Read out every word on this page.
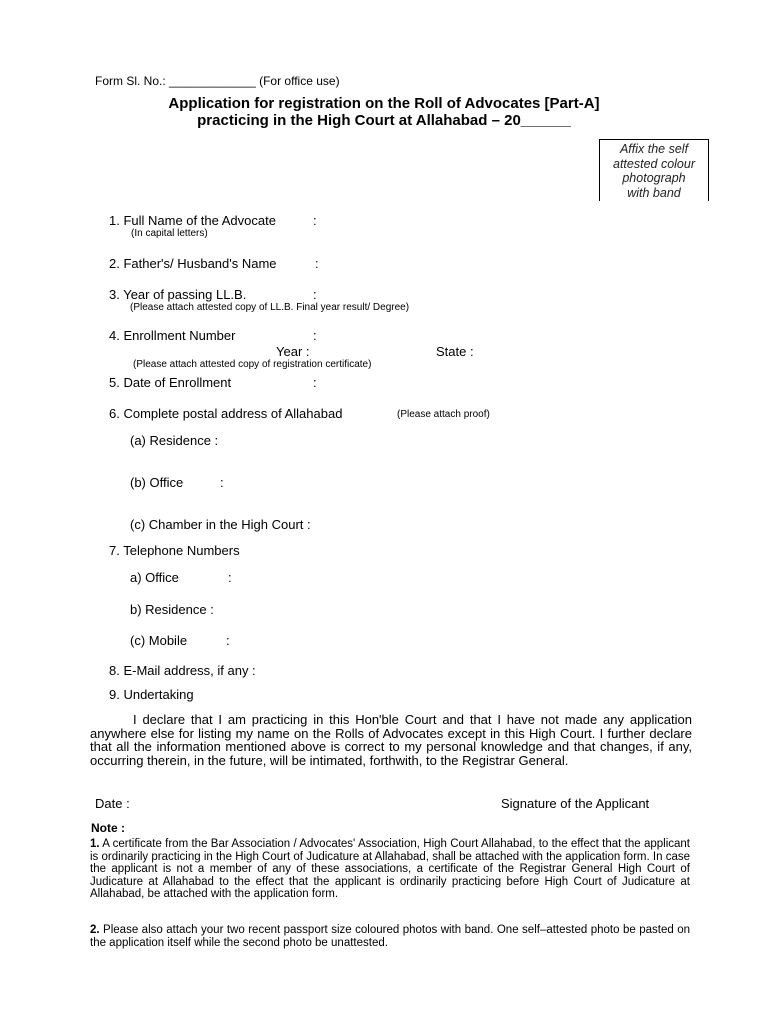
Form Sl. No.: _____________ (For office use)
Application for registration on the Roll of Advocates [Part-A]
practicing in the High Court at Allahabad – 20______
Affix the self
attested colour
photograph
with band
1. Full Name of the Advocate	:
(In capital letters)
2. Father's/ Husband's Name	:
3. Year of passing LL.B.	:
(Please attach attested copy of LL.B. Final year result/ Degree)
4. Enrollment Number	:
Year :	State :
(Please attach attested copy of registration certificate)
5. Date of Enrollment	:
6. Complete postal address of Allahabad	(Please attach proof)
(a) Residence :
(b) Office	:
(c) Chamber in the High Court :
7. Telephone Numbers
a) Office	:
b) Residence :
(c) Mobile	:
8. E-Mail address, if any :
9. Undertaking
I declare that I am practicing in this Hon'ble Court and that I have not made any application anywhere else for listing my name on the Rolls of Advocates except in this High Court. I further declare that all the information mentioned above is correct to my personal knowledge and that changes, if any, occurring therein, in the future, will be intimated, forthwith, to the Registrar General.
Date :	Signature of the Applicant
Note :
1. A certificate from the Bar Association / Advocates' Association, High Court Allahabad, to the effect that the applicant is ordinarily practicing in the High Court of Judicature at Allahabad, shall be attached with the application form. In case the applicant is not a member of any of these associations, a certificate of the Registrar General High Court of Judicature at Allahabad to the effect that the applicant is ordinarily practicing before High Court of Judicature at Allahabad, be attached with the application form.
2. Please also attach your two recent passport size coloured photos with band. One self–attested photo be pasted on the application itself while the second photo be unattested.
